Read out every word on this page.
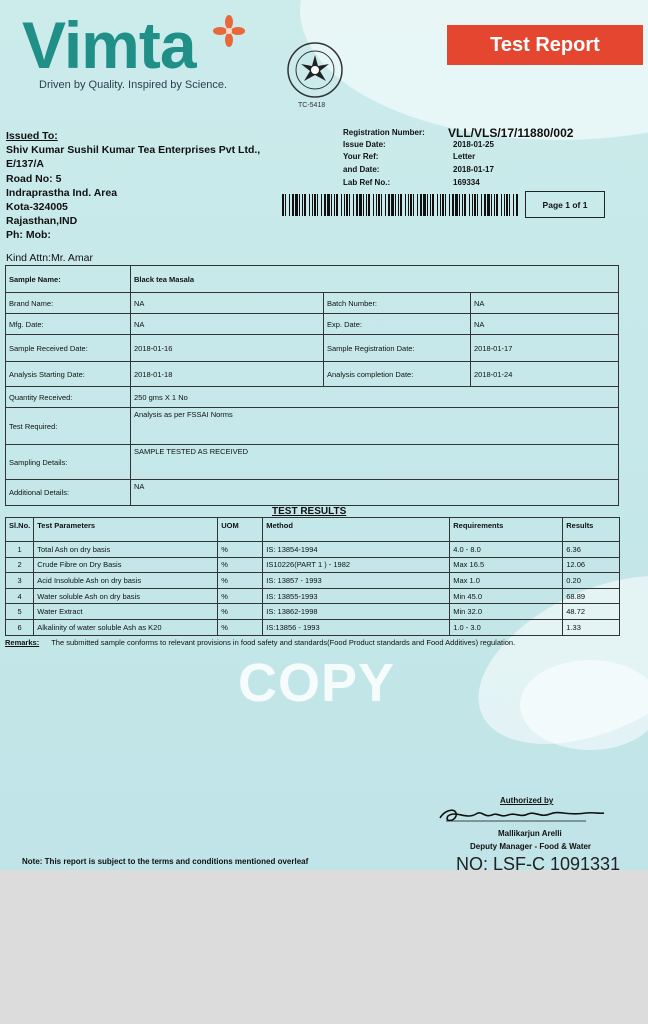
Vimta
Driven by Quality. Inspired by Science.
TC-5418
Test Report
Issued To:
Shiv Kumar Sushil Kumar Tea Enterprises Pvt Ltd.,
E/137/A
Road No: 5
Indraprastha Ind. Area
Kota-324005
Rajasthan,IND
Ph: Mob:
Registration Number: VLL/VLS/17/11880/002
Issue Date:	2018-01-25
Your Ref:	Letter
and Date:	2018-01-17
Lab Ref No.:	169334
Page 1 of 1
Kind Attn:Mr. Amar
Sample Name:	Black tea Masala		
Brand Name:	NA	Batch Number:	NA
Mfg. Date:	NA	Exp. Date:	NA
Sample Received Date:	2018-01-16	Sample Registration Date:	2018-01-17
Analysis Starting Date:	2018-01-18	Analysis completion Date:	2018-01-24
Quantity Received:	250 gms X 1 No		
Test Required:	Analysis as per FSSAI Norms		
Sampling Details:	SAMPLE TESTED AS RECEIVED		
Additional Details:	NA		
TEST RESULTS
Sl.No.	Test Parameters	UOM	Method	Requirements	Results
1	Total Ash on dry basis	%	IS: 13854-1994	4.0 - 8.0	6.36
2	Crude Fibre on Dry Basis	%	IS10226(PART 1 ) - 1982	Max 16.5	12.06
3	Acid Insoluble Ash on dry basis	%	IS: 13857 - 1993	Max 1.0	0.20
4	Water soluble Ash on dry basis	%	IS: 13855-1993	Min 45.0	68.89
5	Water Extract	%	IS: 13862-1998	Min 32.0	48.72
6	Alkalinity of water soluble Ash as K20	%	IS:13856 - 1993	1.0 - 3.0	1.33
Remarks: The submitted sample conforms to relevant provisions in food safety and standards(Food Product standards and Food Additives) regulation.
COPY
Authorized by
Mallikarjun Arelli
Deputy Manager - Food & Water
Note: This report is subject to the terms and conditions mentioned overleaf	NO: LSF-C 1091331
